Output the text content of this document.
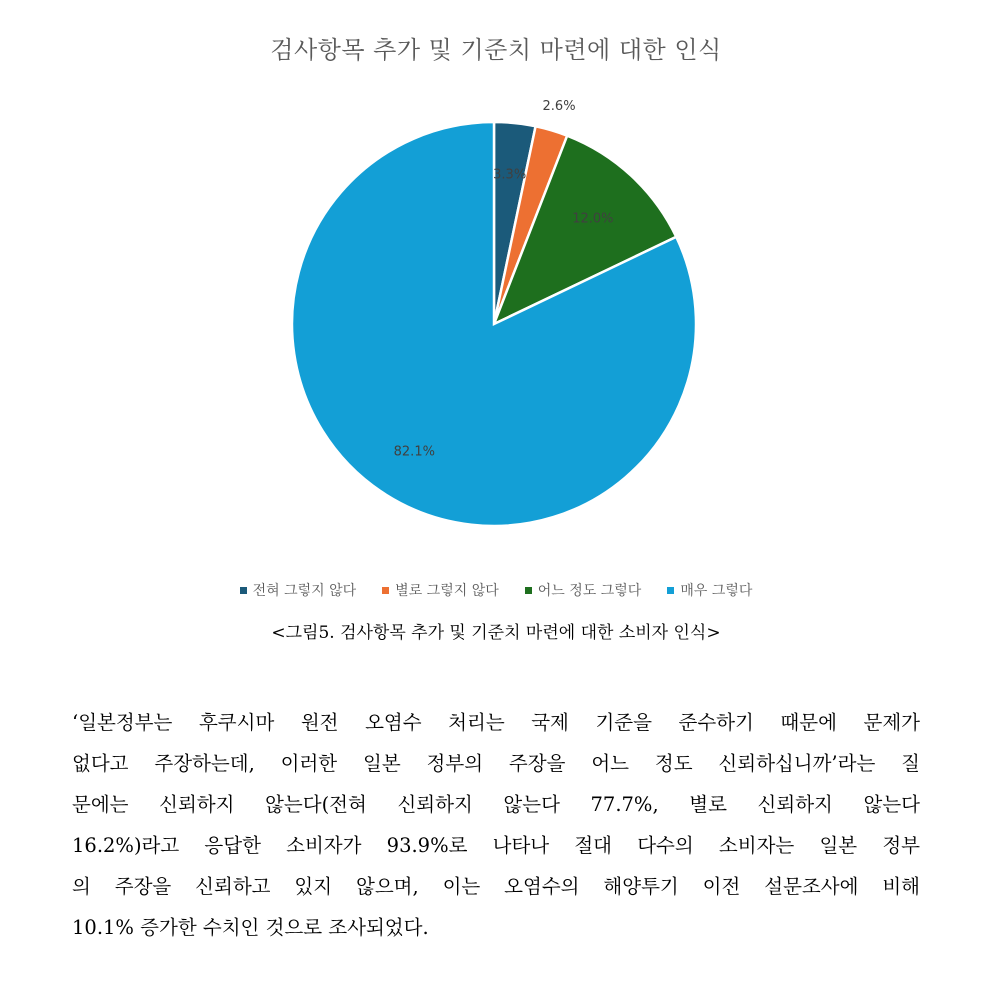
검사항목 추가 및 기준치 마련에 대한 인식
3.3%
2.6%
12.0%
82.1%
전혀 그렇지 않다	별로 그렇지 않다	어느 정도 그렇다	매우 그렇다
<그림5. 검사항목 추가 및 기준치 마련에 대한 소비자 인식>
‘일본정부는 후쿠시마 원전 오염수 처리는 국제 기준을 준수하기 때문에 문제가
없다고 주장하는데, 이러한 일본 정부의 주장을 어느 정도 신뢰하십니까’라는 질
문에는 신뢰하지 않는다(전혀 신뢰하지 않는다 77.7%, 별로 신뢰하지 않는다
16.2%)라고 응답한 소비자가 93.9%로 나타나 절대 다수의 소비자는 일본 정부
의 주장을 신뢰하고 있지 않으며, 이는 오염수의 해양투기 이전 설문조사에 비해
10.1% 증가한 수치인 것으로 조사되었다.
